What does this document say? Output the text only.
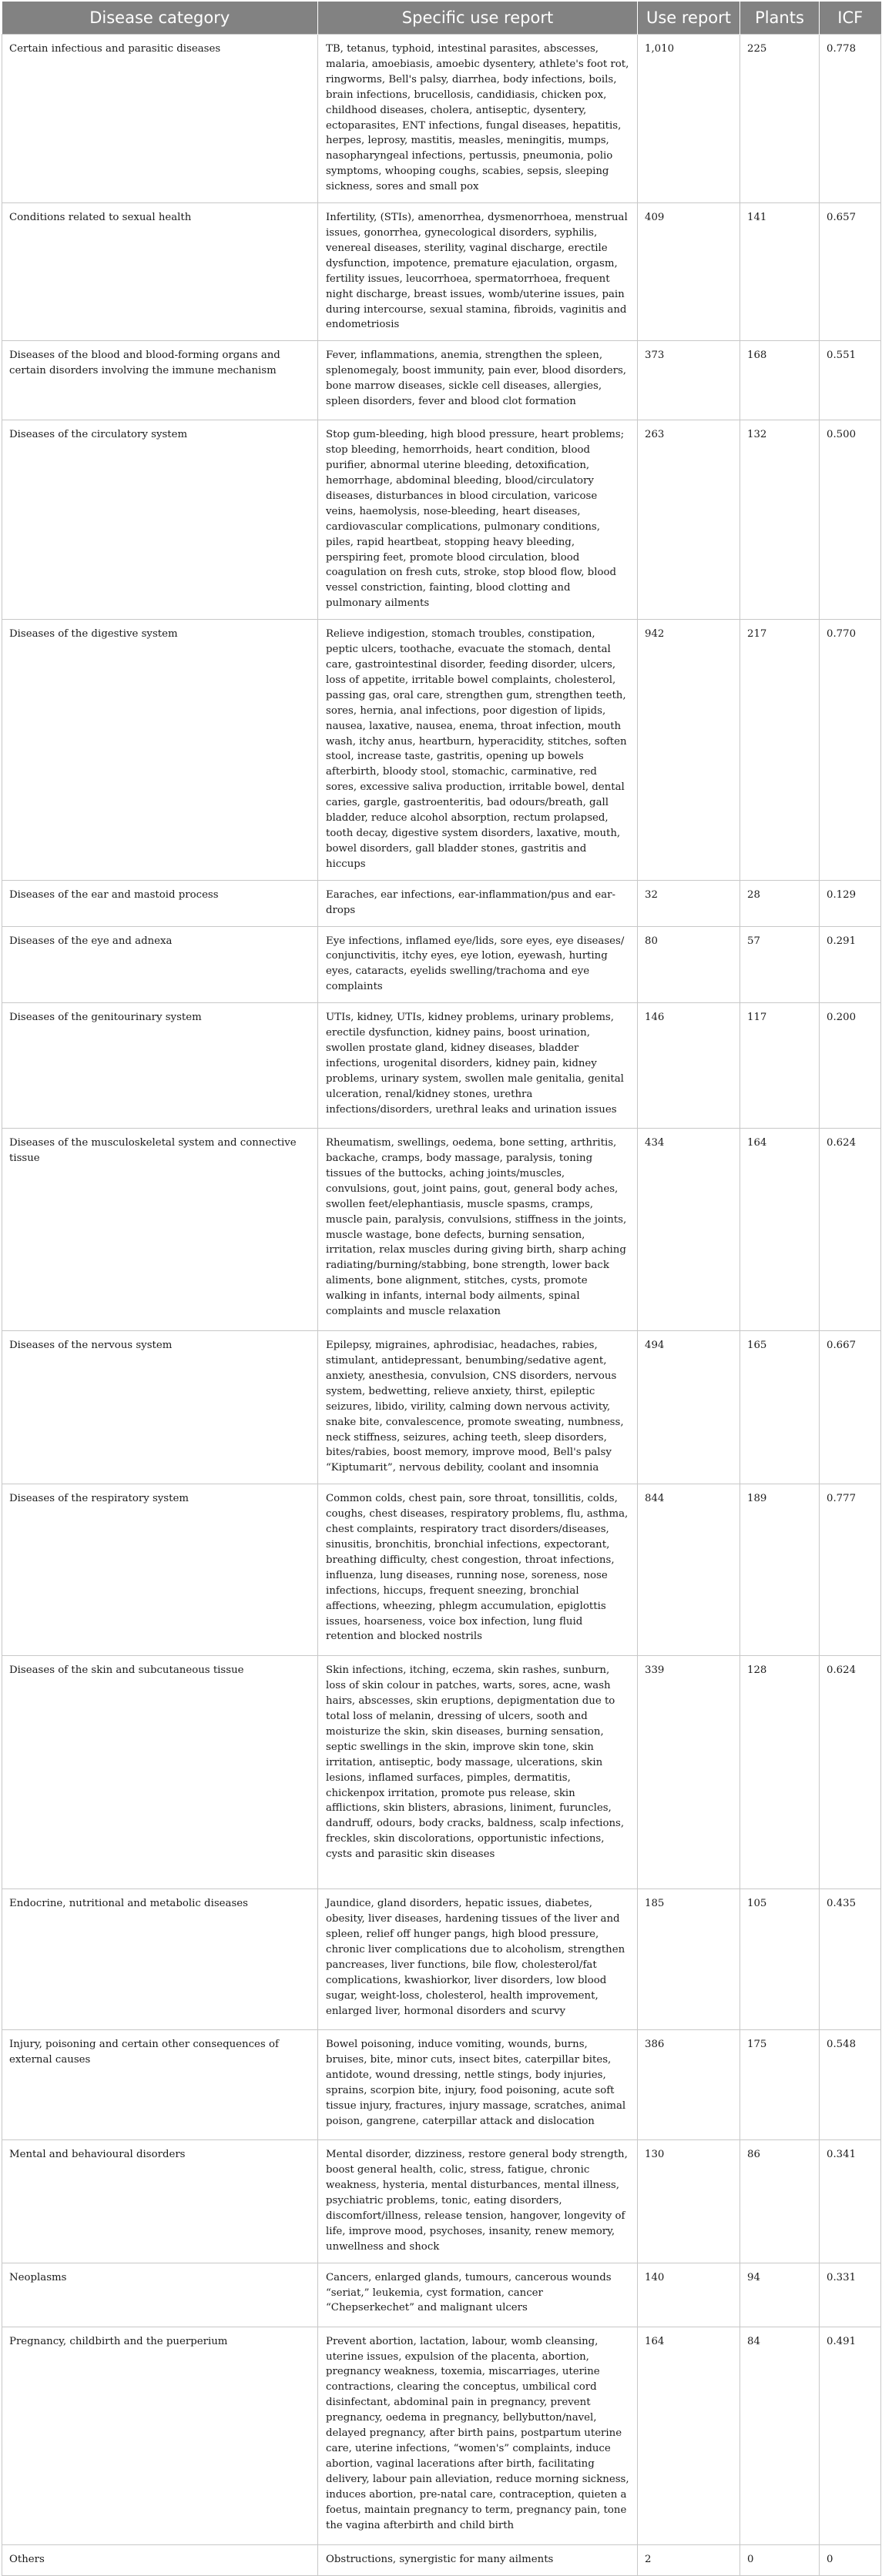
Disease category	Specific use report	Use report	Plants	ICF
Certain infectious and parasitic diseases	TB, tetanus, typhoid, intestinal parasites, abscesses, malaria, amoebiasis, amoebic dysentery, athlete's foot rot, ringworms, Bell's palsy, diarrhea, body infections, boils, brain infections, brucellosis, candidiasis, chicken pox, childhood diseases, cholera, antiseptic, dysentery, ectoparasites, ENT infections, fungal diseases, hepatitis, herpes, leprosy, mastitis, measles, meningitis, mumps, nasopharyngeal infections, pertussis, pneumonia, polio symptoms, whooping coughs, scabies, sepsis, sleeping sickness, sores and small pox	1,010	225	0.778
Conditions related to sexual health	Infertility, (STIs), amenorrhea, dysmenorrhoea, menstrual issues, gonorrhea, gynecological disorders, syphilis, venereal diseases, sterility, vaginal discharge, erectile dysfunction, impotence, premature ejaculation, orgasm, fertility issues, leucorrhoea, spermatorrhoea, frequent night discharge, breast issues, womb/uterine issues, pain during intercourse, sexual stamina, fibroids, vaginitis and endometriosis	409	141	0.657
Diseases of the blood and blood-forming organs and certain disorders involving the immune mechanism	Fever, inflammations, anemia, strengthen the spleen, splenomegaly, boost immunity, pain ever, blood disorders, bone marrow diseases, sickle cell diseases, allergies, spleen disorders, fever and blood clot formation	373	168	0.551
Diseases of the circulatory system	Stop gum-bleeding, high blood pressure, heart problems; stop bleeding, hemorrhoids, heart condition, blood purifier, abnormal uterine bleeding, detoxification, hemorrhage, abdominal bleeding, blood/circulatory diseases, disturbances in blood circulation, varicose veins, haemolysis, nose-bleeding, heart diseases, cardiovascular complications, pulmonary conditions, piles, rapid heartbeat, stopping heavy bleeding, perspiring feet, promote blood circulation, blood coagulation on fresh cuts, stroke, stop blood flow, blood vessel constriction, fainting, blood clotting and pulmonary ailments	263	132	0.500
Diseases of the digestive system	Relieve indigestion, stomach troubles, constipation, peptic ulcers, toothache, evacuate the stomach, dental care, gastrointestinal disorder, feeding disorder, ulcers, loss of appetite, irritable bowel complaints, cholesterol, passing gas, oral care, strengthen gum, strengthen teeth, sores, hernia, anal infections, poor digestion of lipids, nausea, laxative, nausea, enema, throat infection, mouth wash, itchy anus, heartburn, hyperacidity, stitches, soften stool, increase taste, gastritis, opening up bowels afterbirth, bloody stool, stomachic, carminative, red sores, excessive saliva production, irritable bowel, dental caries, gargle, gastroenteritis, bad odours/breath, gall bladder, reduce alcohol absorption, rectum prolapsed, tooth decay, digestive system disorders, laxative, mouth, bowel disorders, gall bladder stones, gastritis and hiccups	942	217	0.770
Diseases of the ear and mastoid process	Earaches, ear infections, ear-inflammation/pus and ear-drops	32	28	0.129
Diseases of the eye and adnexa	Eye infections, inflamed eye/lids, sore eyes, eye diseases/ conjunctivitis, itchy eyes, eye lotion, eyewash, hurting eyes, cataracts, eyelids swelling/trachoma and eye complaints	80	57	0.291
Diseases of the genitourinary system	UTIs, kidney, UTIs, kidney problems, urinary problems, erectile dysfunction, kidney pains, boost urination, swollen prostate gland, kidney diseases, bladder infections, urogenital disorders, kidney pain, kidney problems, urinary system, swollen male genitalia, genital ulceration, renal/kidney stones, urethra infections/disorders, urethral leaks and urination issues	146	117	0.200
Diseases of the musculoskeletal system and connective tissue	Rheumatism, swellings, oedema, bone setting, arthritis, backache, cramps, body massage, paralysis, toning tissues of the buttocks, aching joints/muscles, convulsions, gout, joint pains, gout, general body aches, swollen feet/elephantiasis, muscle spasms, cramps, muscle pain, paralysis, convulsions, stiffness in the joints, muscle wastage, bone defects, burning sensation, irritation, relax muscles during giving birth, sharp aching radiating/burning/stabbing, bone strength, lower back aliments, bone alignment, stitches, cysts, promote walking in infants, internal body ailments, spinal complaints and muscle relaxation	434	164	0.624
Diseases of the nervous system	Epilepsy, migraines, aphrodisiac, headaches, rabies, stimulant, antidepressant, benumbing/sedative agent, anxiety, anesthesia, convulsion, CNS disorders, nervous system, bedwetting, relieve anxiety, thirst, epileptic seizures, libido, virility, calming down nervous activity, snake bite, convalescence, promote sweating, numbness, neck stiffness, seizures, aching teeth, sleep disorders, bites/rabies, boost memory, improve mood, Bell's palsy “Kiptumarit”, nervous debility, coolant and insomnia	494	165	0.667
Diseases of the respiratory system	Common colds, chest pain, sore throat, tonsillitis, colds, coughs, chest diseases, respiratory problems, flu, asthma, chest complaints, respiratory tract disorders/diseases, sinusitis, bronchitis, bronchial infections, expectorant, breathing difficulty, chest congestion, throat infections, influenza, lung diseases, running nose, soreness, nose infections, hiccups, frequent sneezing, bronchial affections, wheezing, phlegm accumulation, epiglottis issues, hoarseness, voice box infection, lung fluid retention and blocked nostrils	844	189	0.777
Diseases of the skin and subcutaneous tissue	Skin infections, itching, eczema, skin rashes, sunburn, loss of skin colour in patches, warts, sores, acne, wash hairs, abscesses, skin eruptions, depigmentation due to total loss of melanin, dressing of ulcers, sooth and moisturize the skin, skin diseases, burning sensation, septic swellings in the skin, improve skin tone, skin irritation, antiseptic, body massage, ulcerations, skin lesions, inflamed surfaces, pimples, dermatitis, chickenpox irritation, promote pus release, skin afflictions, skin blisters, abrasions, liniment, furuncles, dandruff, odours, body cracks, baldness, scalp infections, freckles, skin discolorations, opportunistic infections, cysts and parasitic skin diseases	339	128	0.624
Endocrine, nutritional and metabolic diseases	Jaundice, gland disorders, hepatic issues, diabetes, obesity, liver diseases, hardening tissues of the liver and spleen, relief off hunger pangs, high blood pressure, chronic liver complications due to alcoholism, strengthen pancreases, liver functions, bile flow, cholesterol/fat complications, kwashiorkor, liver disorders, low blood sugar, weight-loss, cholesterol, health improvement, enlarged liver, hormonal disorders and scurvy	185	105	0.435
Injury, poisoning and certain other consequences of external causes	Bowel poisoning, induce vomiting, wounds, burns, bruises, bite, minor cuts, insect bites, caterpillar bites, antidote, wound dressing, nettle stings, body injuries, sprains, scorpion bite, injury, food poisoning, acute soft tissue injury, fractures, injury massage, scratches, animal poison, gangrene, caterpillar attack and dislocation	386	175	0.548
Mental and behavioural disorders	Mental disorder, dizziness, restore general body strength, boost general health, colic, stress, fatigue, chronic weakness, hysteria, mental disturbances, mental illness, psychiatric problems, tonic, eating disorders, discomfort/illness, release tension, hangover, longevity of life, improve mood, psychoses, insanity, renew memory, unwellness and shock	130	86	0.341
Neoplasms	Cancers, enlarged glands, tumours, cancerous wounds “seriat,” leukemia, cyst formation, cancer “Chepserkechet” and malignant ulcers	140	94	0.331
Pregnancy, childbirth and the puerperium	Prevent abortion, lactation, labour, womb cleansing, uterine issues, expulsion of the placenta, abortion, pregnancy weakness, toxemia, miscarriages, uterine contractions, clearing the conceptus, umbilical cord disinfectant, abdominal pain in pregnancy, prevent pregnancy, oedema in pregnancy, bellybutton/navel, delayed pregnancy, after birth pains, postpartum uterine care, uterine infections, “women's” complaints, induce abortion, vaginal lacerations after birth, facilitating delivery, labour pain alleviation, reduce morning sickness, induces abortion, pre-natal care, contraception, quieten a foetus, maintain pregnancy to term, pregnancy pain, tone the vagina afterbirth and child birth	164	84	0.491
Others	Obstructions, synergistic for many ailments	2	0	0
